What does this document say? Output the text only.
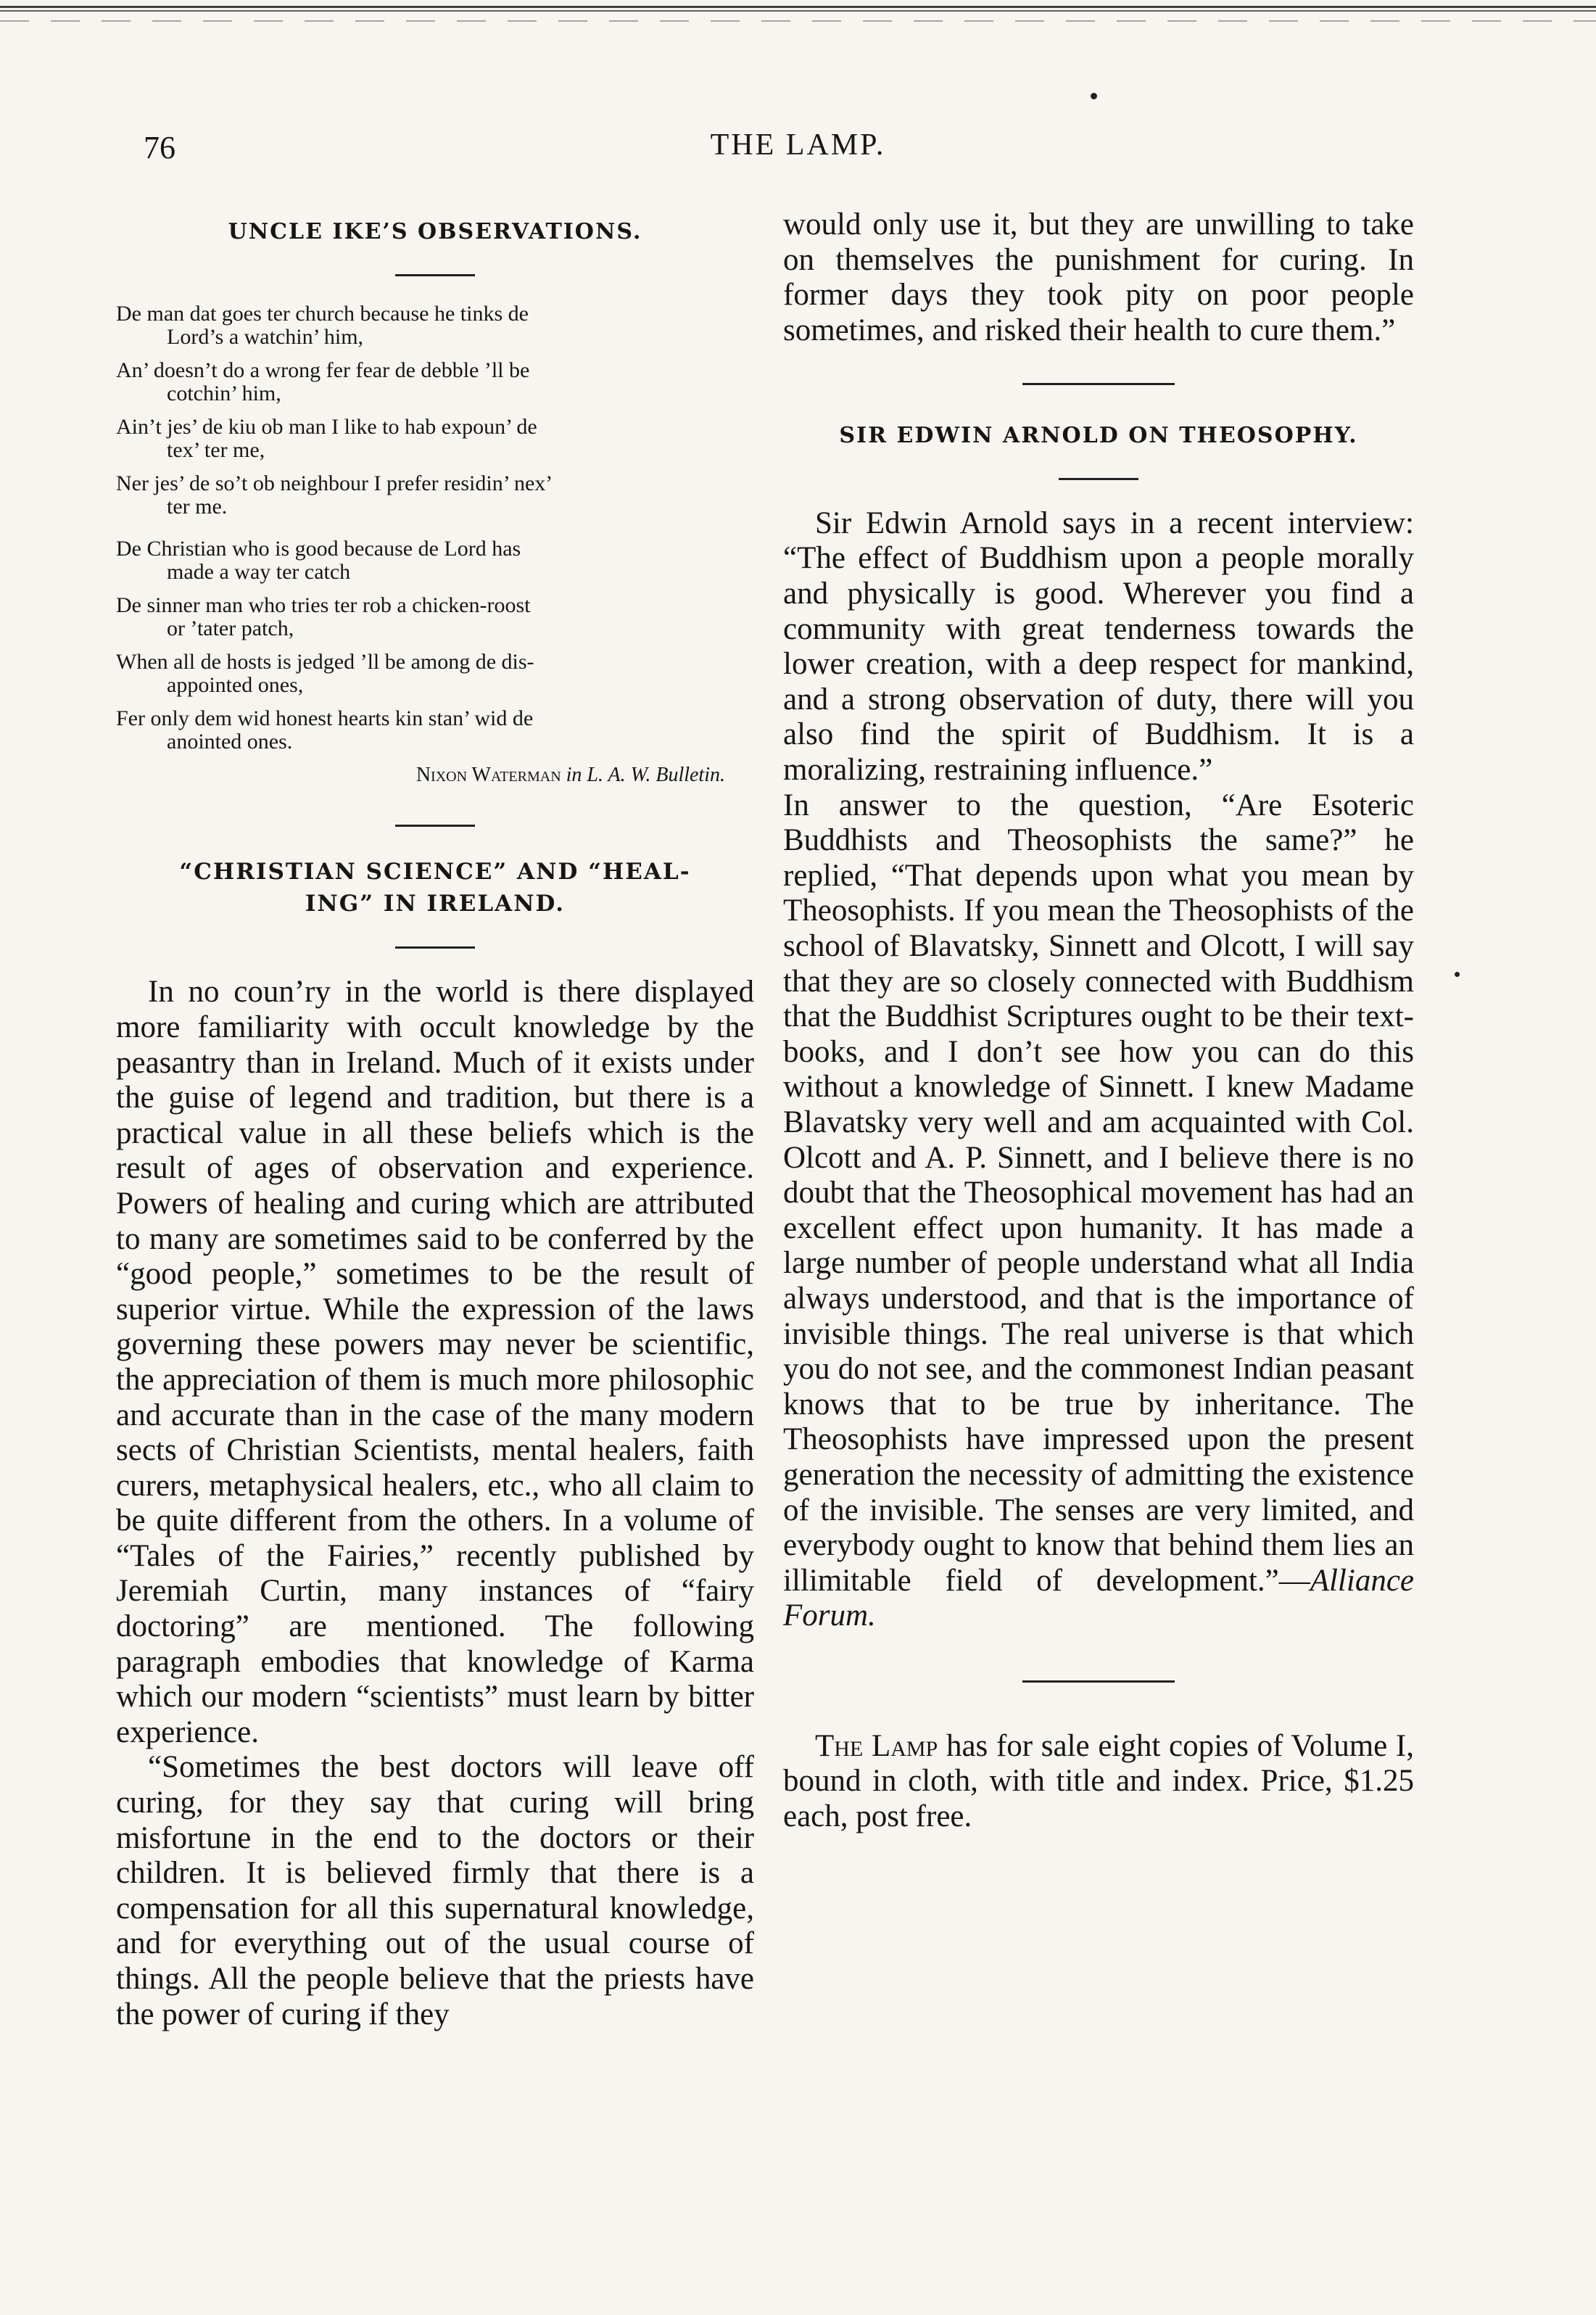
76	THE LAMP.
UNCLE IKE’S OBSERVATIONS.

De man dat goes ter church because he tinks de
Lord’s a watchin’ him,

An’ doesn’t do a wrong fer fear de debble ’ll be
cotchin’ him,

Ain’t jes’ de kiu ob man I like to hab expoun’ de
tex’ ter me,

Ner jes’ de so’t ob neighbour I prefer residin’ nex’
ter me.

De Christian who is good because de Lord has
made a way ter catch

De sinner man who tries ter rob a chicken-roost
or ’tater patch,

When all de hosts is jedged ’ll be among de dis-
appointed ones,

Fer only dem wid honest hearts kin stan’ wid de
anointed ones.

Nixon Waterman in L. A. W. Bulletin.
“CHRISTIAN SCIENCE” AND “HEAL-
ING” IN IRELAND.

In no coun’ry in the world is there displayed more familiarity with occult knowledge by the peasantry than in Ireland. Much of it exists under the guise of legend and tradition, but there is a practical value in all these beliefs which is the result of ages of observation and experience. Powers of healing and curing which are attributed to many are sometimes said to be conferred by the “good people,” sometimes to be the result of superior virtue. While the expression of the laws governing these powers may never be scientific, the appreciation of them is much more philosophic and accurate than in the case of the many modern sects of Christian Scientists, mental healers, faith curers, metaphysical healers, etc., who all claim to be quite different from the others. In a volume of “Tales of the Fairies,” recently published by Jeremiah Curtin, many instances of “fairy doctoring” are mentioned. The following paragraph embodies that knowledge of Karma which our modern “scientists” must learn by bitter experience.

“Sometimes the best doctors will leave off curing, for they say that curing will bring misfortune in the end to the doctors or their children. It is believed firmly that there is a compensation for all this supernatural knowledge, and for everything out of the usual course of things. All the people believe that the priests have the power of curing if they

would only use it, but they are unwilling to take on themselves the punishment for curing. In former days they took pity on poor people sometimes, and risked their health to cure them.”

SIR EDWIN ARNOLD ON THEOSOPHY.

Sir Edwin Arnold says in a recent interview: “The effect of Buddhism upon a people morally and physically is good. Wherever you find a community with great tenderness towards the lower creation, with a deep respect for mankind, and a strong observation of duty, there will you also find the spirit of Buddhism. It is a moralizing, restraining influence.”

In answer to the question, “Are Esoteric Buddhists and Theosophists the same?” he replied, “That depends upon what you mean by Theosophists. If you mean the Theosophists of the school of Blavatsky, Sinnett and Olcott, I will say that they are so closely connected with Buddhism that the Buddhist Scriptures ought to be their text-books, and I don’t see how you can do this without a knowledge of Sinnett. I knew Madame Blavatsky very well and am acquainted with Col. Olcott and A. P. Sinnett, and I believe there is no doubt that the Theosophical movement has had an excellent effect upon humanity. It has made a large number of people understand what all India always understood, and that is the importance of invisible things. The real universe is that which you do not see, and the commonest Indian peasant knows that to be true by inheritance. The Theosophists have impressed upon the present generation the necessity of admitting the existence of the invisible. The senses are very limited, and everybody ought to know that behind them lies an illimitable field of development.”—Alliance Forum.

The Lamp has for sale eight copies of Volume I, bound in cloth, with title and index. Price, $1.25 each, post free.
